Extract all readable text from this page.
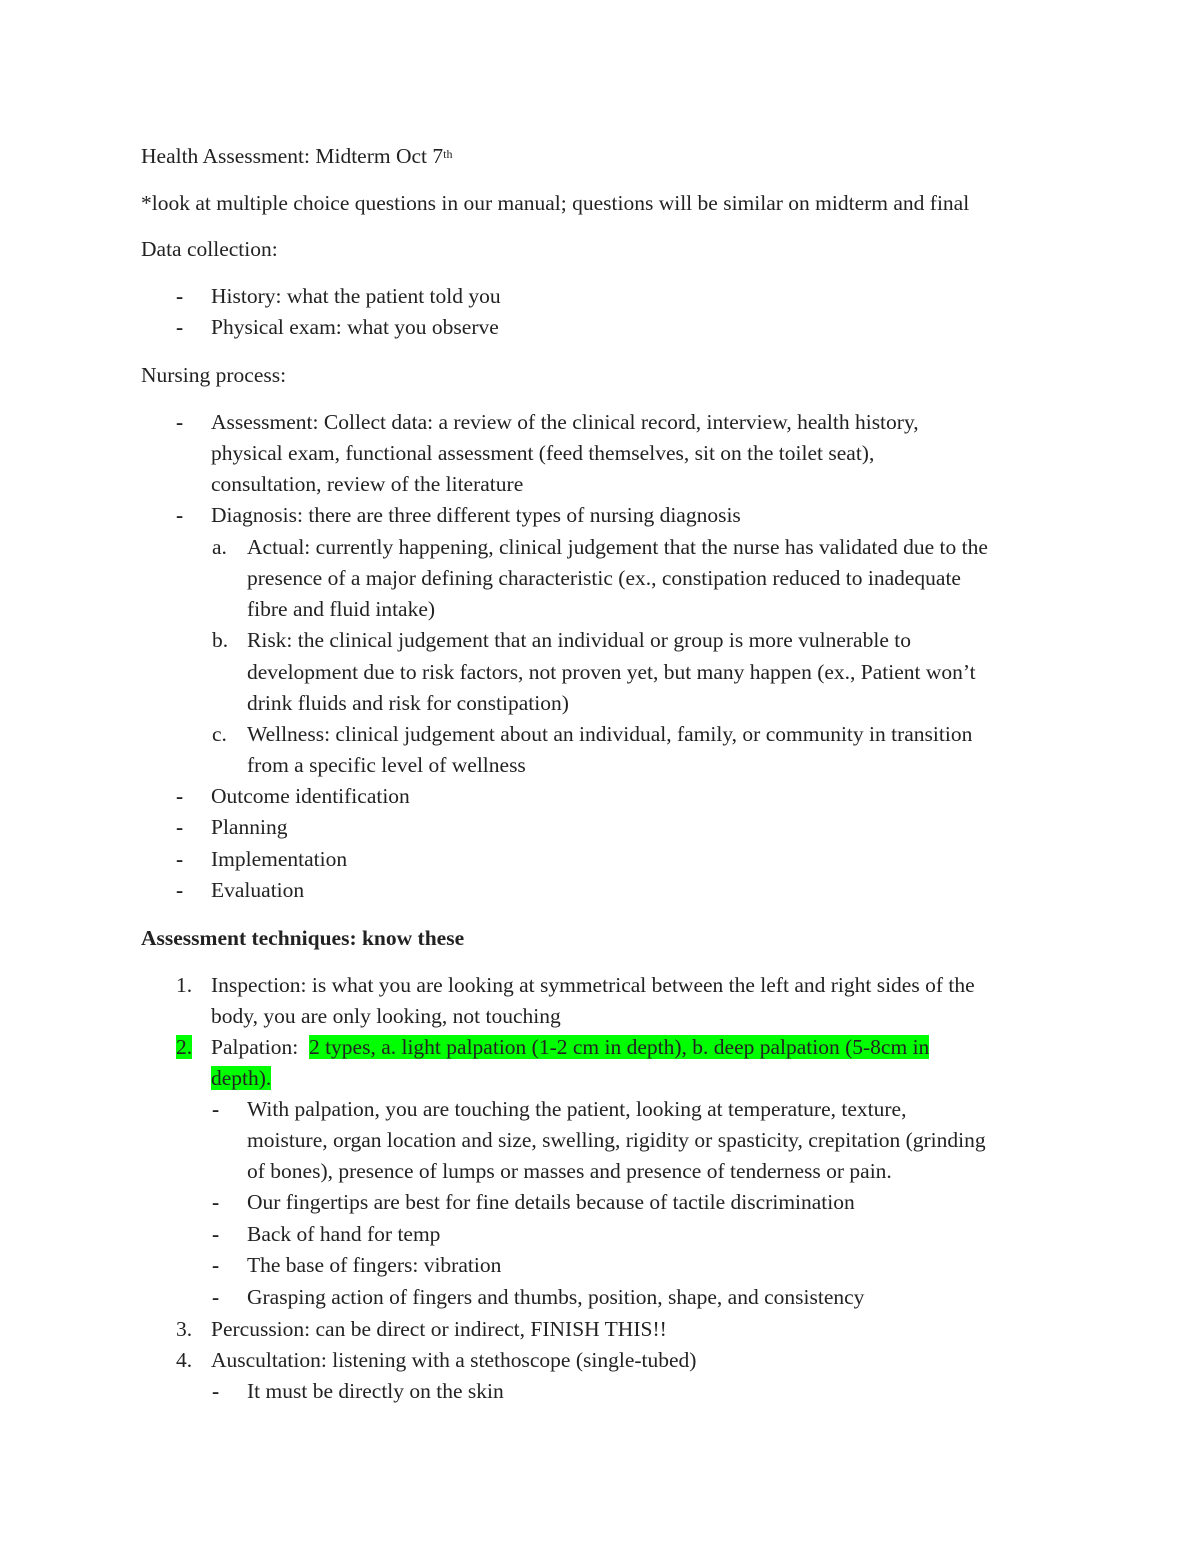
Health Assessment: Midterm Oct 7th
*look at multiple choice questions in our manual; questions will be similar on midterm and final
Data collection:
- History: what the patient told you
- Physical exam: what you observe
Nursing process:
- Assessment: Collect data: a review of the clinical record, interview, health history,
physical exam, functional assessment (feed themselves, sit on the toilet seat),
consultation, review of the literature
- Diagnosis: there are three different types of nursing diagnosis
a. Actual: currently happening, clinical judgement that the nurse has validated due to the
presence of a major defining characteristic (ex., constipation reduced to inadequate
fibre and fluid intake)
b. Risk: the clinical judgement that an individual or group is more vulnerable to
development due to risk factors, not proven yet, but many happen (ex., Patient won’t
drink fluids and risk for constipation)
c. Wellness: clinical judgement about an individual, family, or community in transition
from a specific level of wellness
- Outcome identification
- Planning
- Implementation
- Evaluation
Assessment techniques: know these
1. Inspection: is what you are looking at symmetrical between the left and right sides of the
body, you are only looking, not touching
2. Palpation:  2 types, a. light palpation (1-2 cm in depth), b. deep palpation (5-8cm in
depth).
- With palpation, you are touching the patient, looking at temperature, texture,
moisture, organ location and size, swelling, rigidity or spasticity, crepitation (grinding
of bones), presence of lumps or masses and presence of tenderness or pain.
- Our fingertips are best for fine details because of tactile discrimination
- Back of hand for temp
- The base of fingers: vibration
- Grasping action of fingers and thumbs, position, shape, and consistency
3. Percussion: can be direct or indirect, FINISH THIS!!
4. Auscultation: listening with a stethoscope (single-tubed)
- It must be directly on the skin
